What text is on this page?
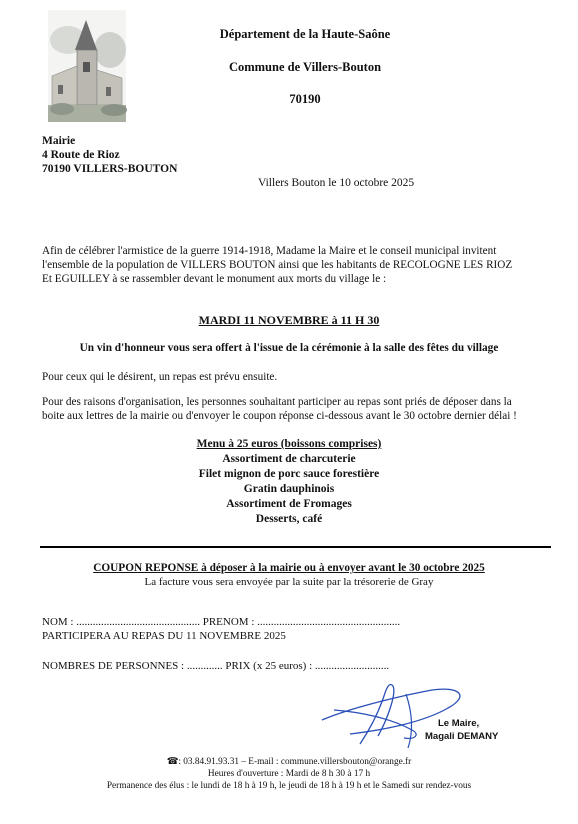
Département de la Haute-Saône
Commune de Villers-Bouton
70190
Mairie
4 Route de Rioz
70190 VILLERS-BOUTON
Villers Bouton le 10 octobre 2025
Afin de célébrer l'armistice de la guerre 1914-1918, Madame la Maire et le conseil municipal invitent
l'ensemble de la population de VILLERS BOUTON ainsi que les habitants de RECOLOGNE LES RIOZ
Et EGUILLEY à se rassembler devant le monument aux morts du village le :
MARDI 11 NOVEMBRE à 11 H 30
Un vin d'honneur vous sera offert à l'issue de la cérémonie à la salle des fêtes du village
Pour ceux qui le désirent, un repas est prévu ensuite.
Pour des raisons d'organisation, les personnes souhaitant participer au repas sont priés de déposer dans la
boite aux lettres de la mairie ou d'envoyer le coupon réponse ci-dessous avant le 30 octobre dernier délai !
Menu à 25 euros (boissons comprises)
Assortiment de charcuterie
Filet mignon de porc sauce forestière
Gratin dauphinois
Assortiment de Fromages
Desserts, café
COUPON REPONSE à déposer à la mairie ou à envoyer avant le 30 octobre 2025
La facture vous sera envoyée par la suite par la trésorerie de Gray
NOM : ............................................. PRENOM : ....................................................
PARTICIPERA AU REPAS DU 11 NOVEMBRE 2025
NOMBRES DE PERSONNES : ............. PRIX (x 25 euros) : ...........................
Le Maire,
Magali DEMANY
☎: 03.84.91.93.31 – E-mail : commune.villersbouton@orange.fr
Heures d'ouverture : Mardi de 8 h 30 à 17 h
Permanence des élus : le lundi de 18 h à 19 h, le jeudi de 18 h à 19 h et le Samedi sur rendez-vous
